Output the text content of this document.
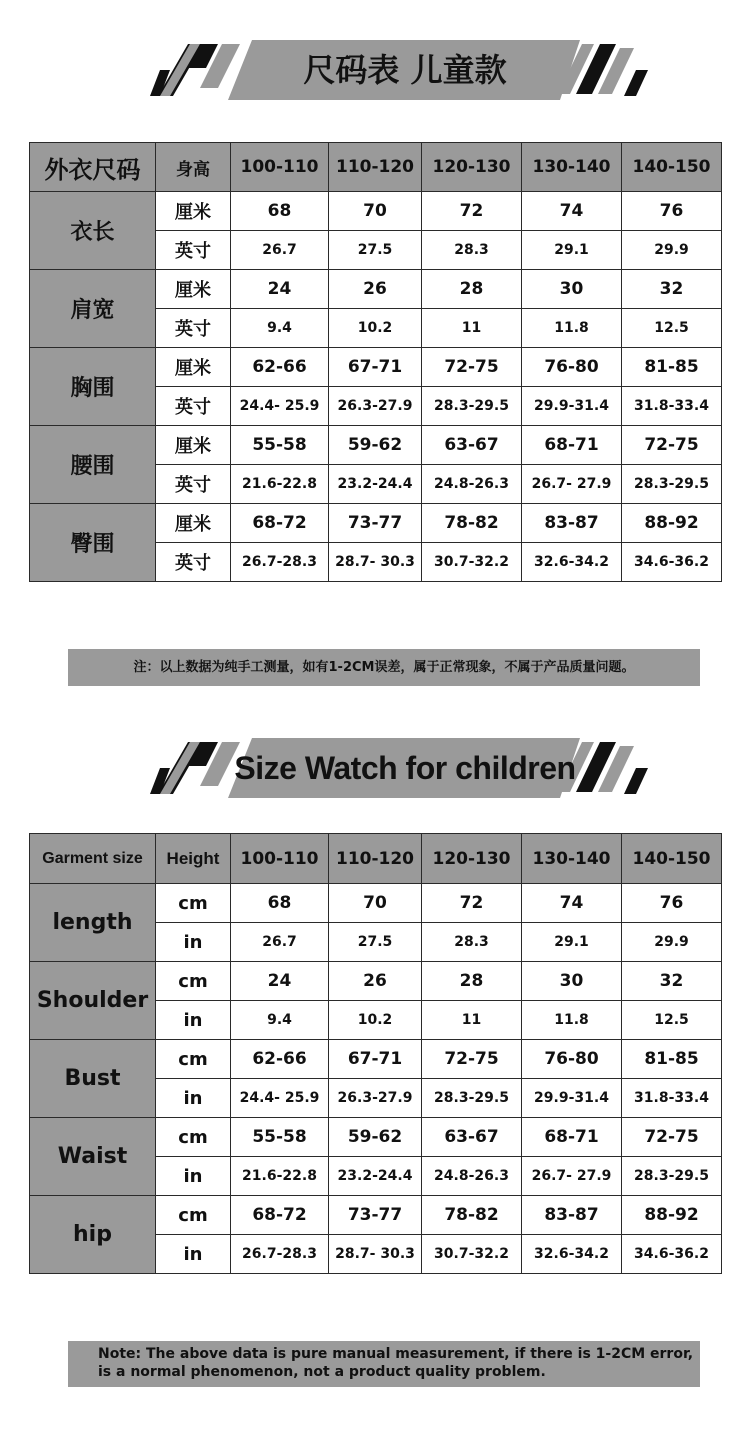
尺码表 儿童款
外衣尺码	身高	100-110	110-120	120-130	130-140	140-150
衣长	厘米	68	70	72	74	76
	英寸	26.7	27.5	28.3	29.1	29.9
肩宽	厘米	24	26	28	30	32
	英寸	9.4	10.2	11	11.8	12.5
胸围	厘米	62-66	67-71	72-75	76-80	81-85
	英寸	24.4- 25.9	26.3-27.9	28.3-29.5	29.9-31.4	31.8-33.4
腰围	厘米	55-58	59-62	63-67	68-71	72-75
	英寸	21.6-22.8	23.2-24.4	24.8-26.3	26.7- 27.9	28.3-29.5
臀围	厘米	68-72	73-77	78-82	83-87	88-92
	英寸	26.7-28.3	28.7- 30.3	30.7-32.2	32.6-34.2	34.6-36.2
注：以上数据为纯手工测量，如有1-2CM误差，属于正常现象，不属于产品质量问题。
Size Watch for children
Garment size	Height	100-110	110-120	120-130	130-140	140-150
length	cm	68	70	72	74	76
	in	26.7	27.5	28.3	29.1	29.9
Shoulder	cm	24	26	28	30	32
	in	9.4	10.2	11	11.8	12.5
Bust	cm	62-66	67-71	72-75	76-80	81-85
	in	24.4- 25.9	26.3-27.9	28.3-29.5	29.9-31.4	31.8-33.4
Waist	cm	55-58	59-62	63-67	68-71	72-75
	in	21.6-22.8	23.2-24.4	24.8-26.3	26.7- 27.9	28.3-29.5
hip	cm	68-72	73-77	78-82	83-87	88-92
	in	26.7-28.3	28.7- 30.3	30.7-32.2	32.6-34.2	34.6-36.2
Note: The above data is pure manual measurement, if there is 1-2CM error,
is a normal phenomenon, not a product quality problem.
